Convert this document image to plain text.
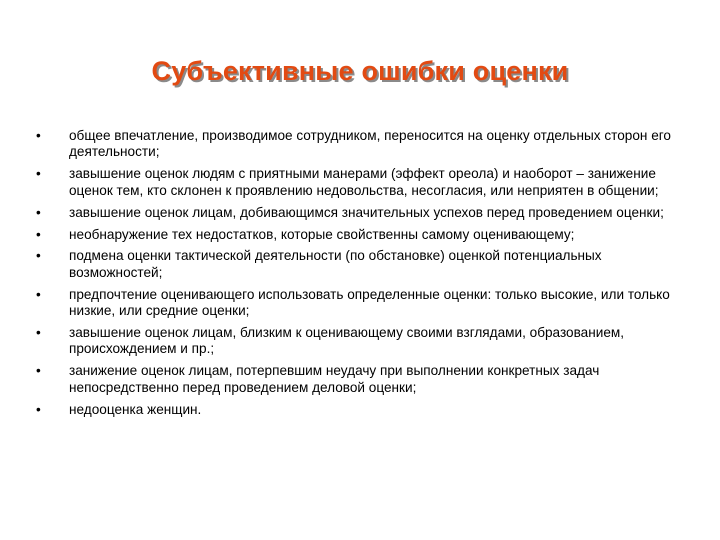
Субъективные ошибки оценки
•	общее впечатление, производимое сотрудником, переносится на оценку отдельных сторон его деятельности;
•	завышение оценок людям с приятными манерами (эффект ореола) и наоборот – занижение оценок тем, кто склонен к проявлению недовольства, несогласия, или неприятен в общении;
•	завышение оценок лицам, добивающимся значительных успехов перед проведением оценки;
•	необнаружение тех недостатков, которые свойственны самому оценивающему;
•	подмена оценки тактической деятельности (по обстановке) оценкой потенциальных возможностей;
•	предпочтение оценивающего использовать определенные оценки: только высокие, или только низкие, или средние оценки;
•	завышение оценок лицам, близким к оценивающему своими взглядами, образованием, происхождением и пр.;
•	занижение оценок лицам, потерпевшим неудачу при выполнении конкретных задач непосредственно перед проведением деловой оценки;
•	недооценка женщин.
